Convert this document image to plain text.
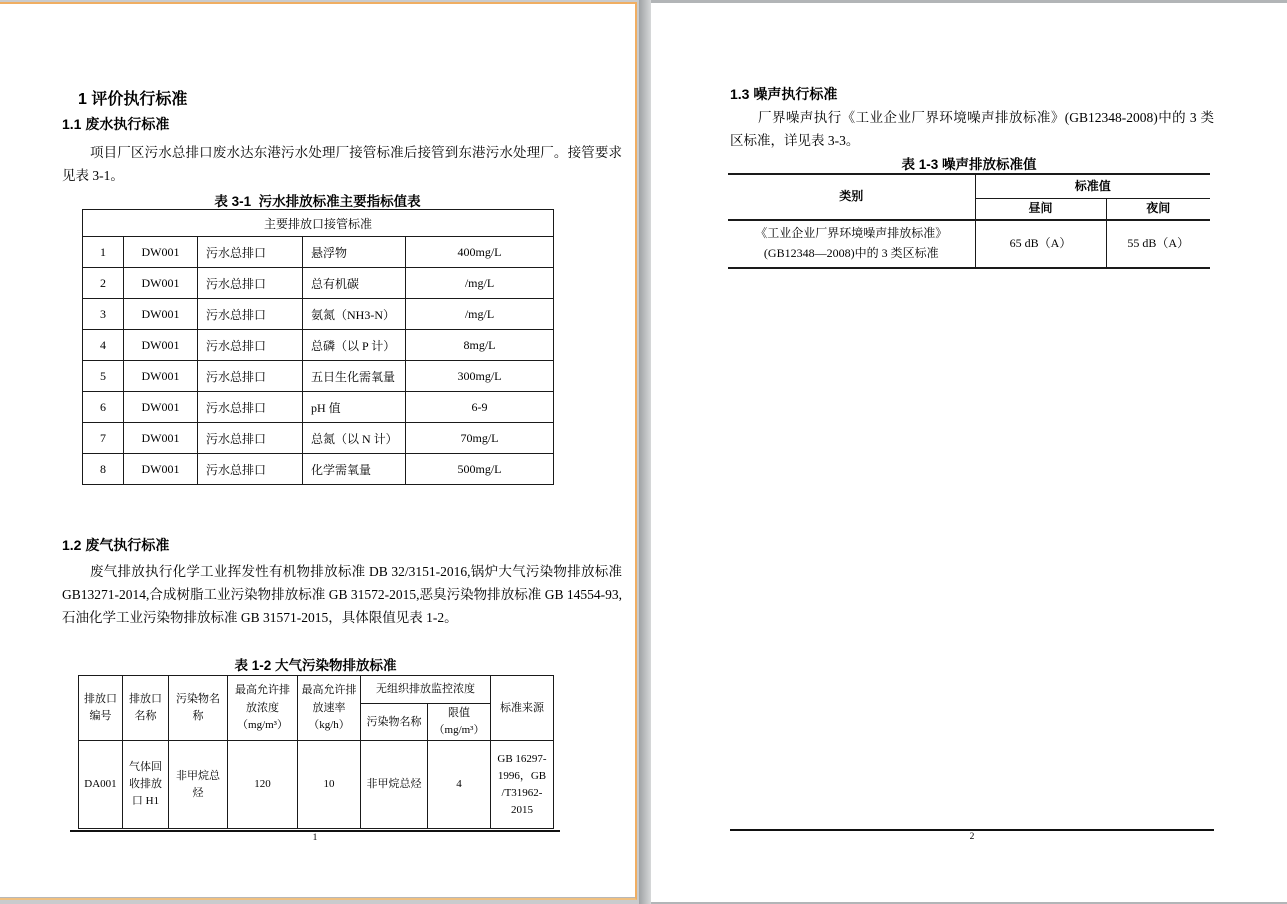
1 评价执行标准
1.1 废水执行标准
项目厂区污水总排口废水达东港污水处理厂接管标准后接管到东港污水处理厂。接管要求见表 3-1。
表 3-1  污水排放标准主要指标值表
主要排放口接管标准				
1	DW001	污水总排口	悬浮物	400mg/L
2	DW001	污水总排口	总有机碳	/mg/L
3	DW001	污水总排口	氨氮（NH3-N）	/mg/L
4	DW001	污水总排口	总磷（以 P 计）	8mg/L
5	DW001	污水总排口	五日生化需氧量	300mg/L
6	DW001	污水总排口	pH 值	6-9
7	DW001	污水总排口	总氮（以 N 计）	70mg/L
8	DW001	污水总排口	化学需氧量	500mg/L
1.2 废气执行标准
废气排放执行化学工业挥发性有机物排放标准 DB 32/3151-2016,锅炉大气污染物排放标准 GB13271-2014,合成树脂工业污染物排放标准 GB 31572-2015,恶臭污染物排放标准 GB 14554-93,石油化学工业污染物排放标准 GB 31571-2015，具体限值见表 1-2。
表 1-2 大气污染物排放标准
排放口编号	排放口名称	污染物名称	最高允许排放浓度（mg/m³）	最高允许排放速率（kg/h）	无组织排放监控浓度		标准来源
					污染物名称	限值（mg/m³）	
DA001	气体回收排放口 H1	非甲烷总烃	120	10	非甲烷总烃	4	GB 16297-1996，GB /T31962-2015
1
1.3 噪声执行标准
厂界噪声执行《工业企业厂界环境噪声排放标准》(GB12348-2008)中的 3 类区标准，详见表 3-3。
表 1-3 噪声排放标准值
类别	标准值	
	昼间	夜间
《工业企业厂界环境噪声排放标准》 (GB12348—2008)中的 3 类区标准	65 dB（A）	55 dB（A）
2
